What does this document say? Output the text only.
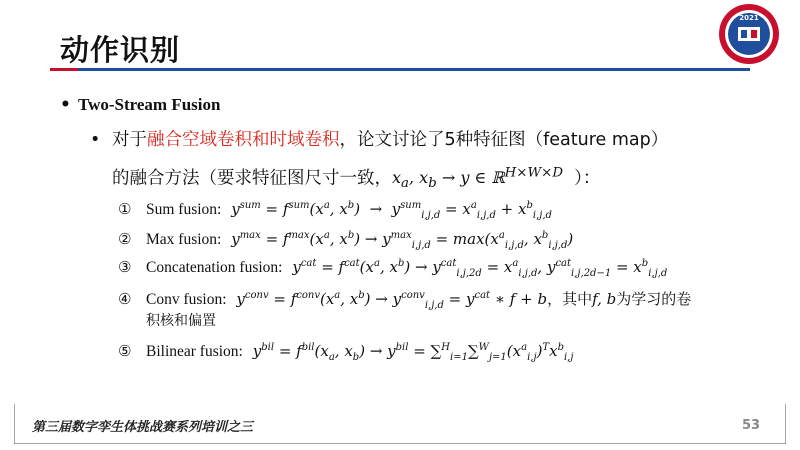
动作识别
2021
• Two-Stream Fusion
• 对于融合空域卷积和时域卷积，论文讨论了5种特征图（feature map）
的融合方法（要求特征图尺寸一致，$x_a$, $x_b \to y$ ∈ ℝ$^{H\times W\times D}$ ）：
① Sum fusion: $y^{sum} = f^{sum}(x^a$, $x^b) \to y^{sum}_{i,j,d} = x^a_{i,j,d} + x^b_{i,j,d}$
② Max fusion: $y^{max} = f^{max}(x^a$, $x^b) \to y^{max}_{i,j,d} = \max(x^a_{i,j,d}$, $x^b_{i,j,d}$)
③ Concatenation fusion: $y^{cat} = f^{cat}(x^a$, $x^b) \to y^{cat}_{i,j,2d} = x^a_{i,j,d}$, $y^{cat}_{i,j,2d-1} = x^b_{i,j,d}$
④ Conv fusion: $y^{conv} = f^{conv}(x^a$, $x^b) \to y^{conv}_{i,j,d} = y^{cat}$ ∗ f + b，其中f, b为学习的卷
积核和偏置
⑤ Bilinear fusion: $y^{bil} = f^{bil}(x_a$, $x_b) \to y^{bil} = \sum^H_{i=1}\sum^W_{j=1}(x^a_{i,j})^Tx^b_{i,j}$
第三届数字孪生体挑战赛系列培训之三	53
